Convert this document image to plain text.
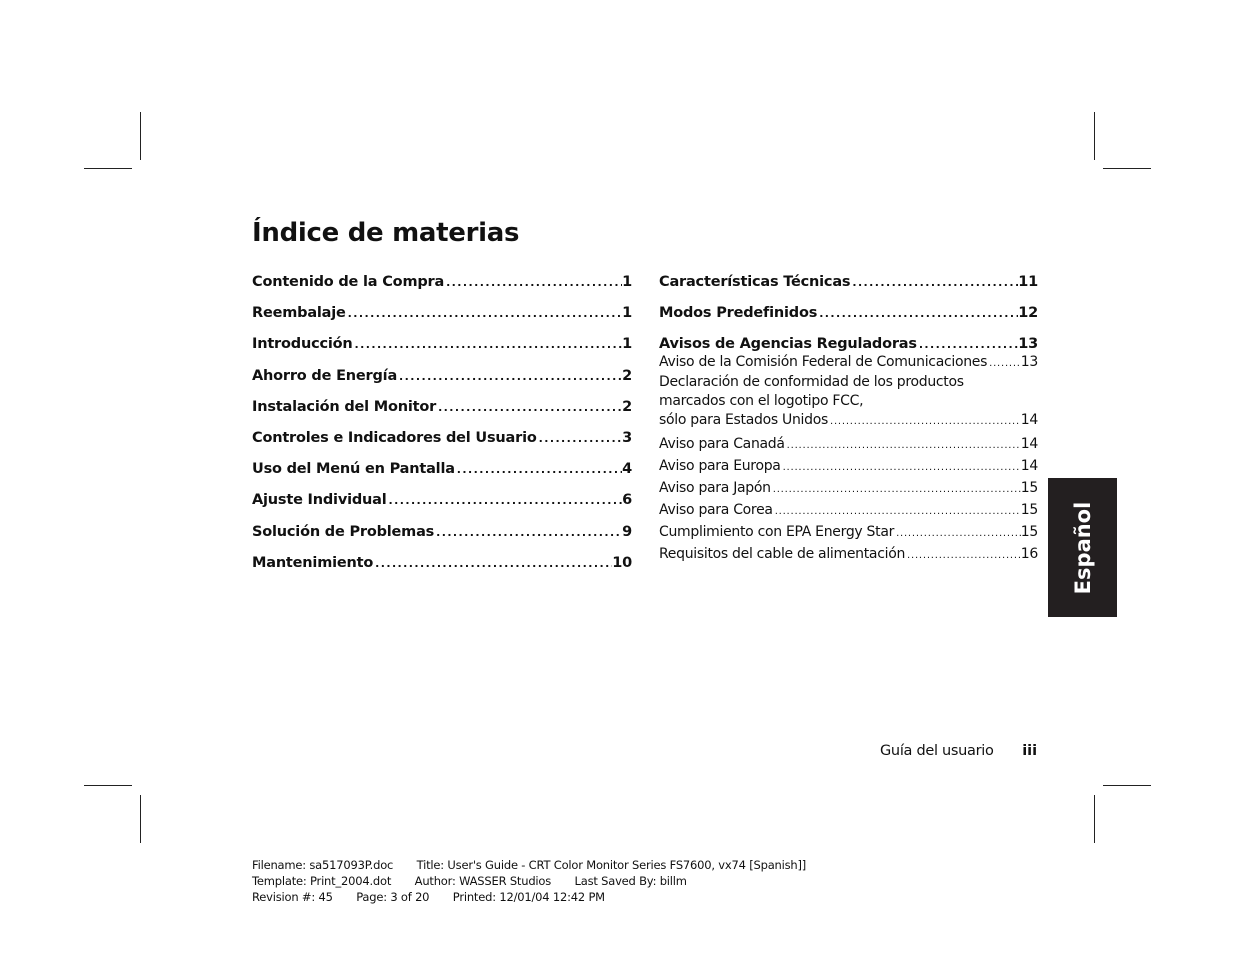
Índice de materias
Contenido de la Compra . . .	1
Reembalaje . . .	1
Introducción . . .	1
Ahorro de Energía . . .	2
Instalación del Monitor . . .	2
Controles e Indicadores del Usuario . . .	3
Uso del Menú en Pantalla . . .	4
Ajuste Individual . . .	6
Solución de Problemas . . .	9
Mantenimiento . . .	10
Características Técnicas . . .	11
Modos Predefinidos . . .	12
Avisos de Agencias Reguladoras . . .	13
Aviso de la Comisión Federal de Comunicaciones . . . 13
Declaración de conformidad de los productos
marcados con el logotipo FCC,
sólo para Estados Unidos . . .	14
Aviso para Canadá . . .	14
Aviso para Europa . . .	14
Aviso para Japón . . .	15
Aviso para Corea . . .	15
Cumplimiento con EPA Energy Star . . .	15
Requisitos del cable de alimentación . . .	16 Español
Guía del usuario iii
Filename: sa517093P.doc Title: User's Guide - CRT Color Monitor Series FS7600, vx74 [Spanish]]
Template: Print_2004.dot Author: WASSER Studios Last Saved By: billm
Revision #: 45 Page: 3 of 20 Printed: 12/01/04 12:42 PM
